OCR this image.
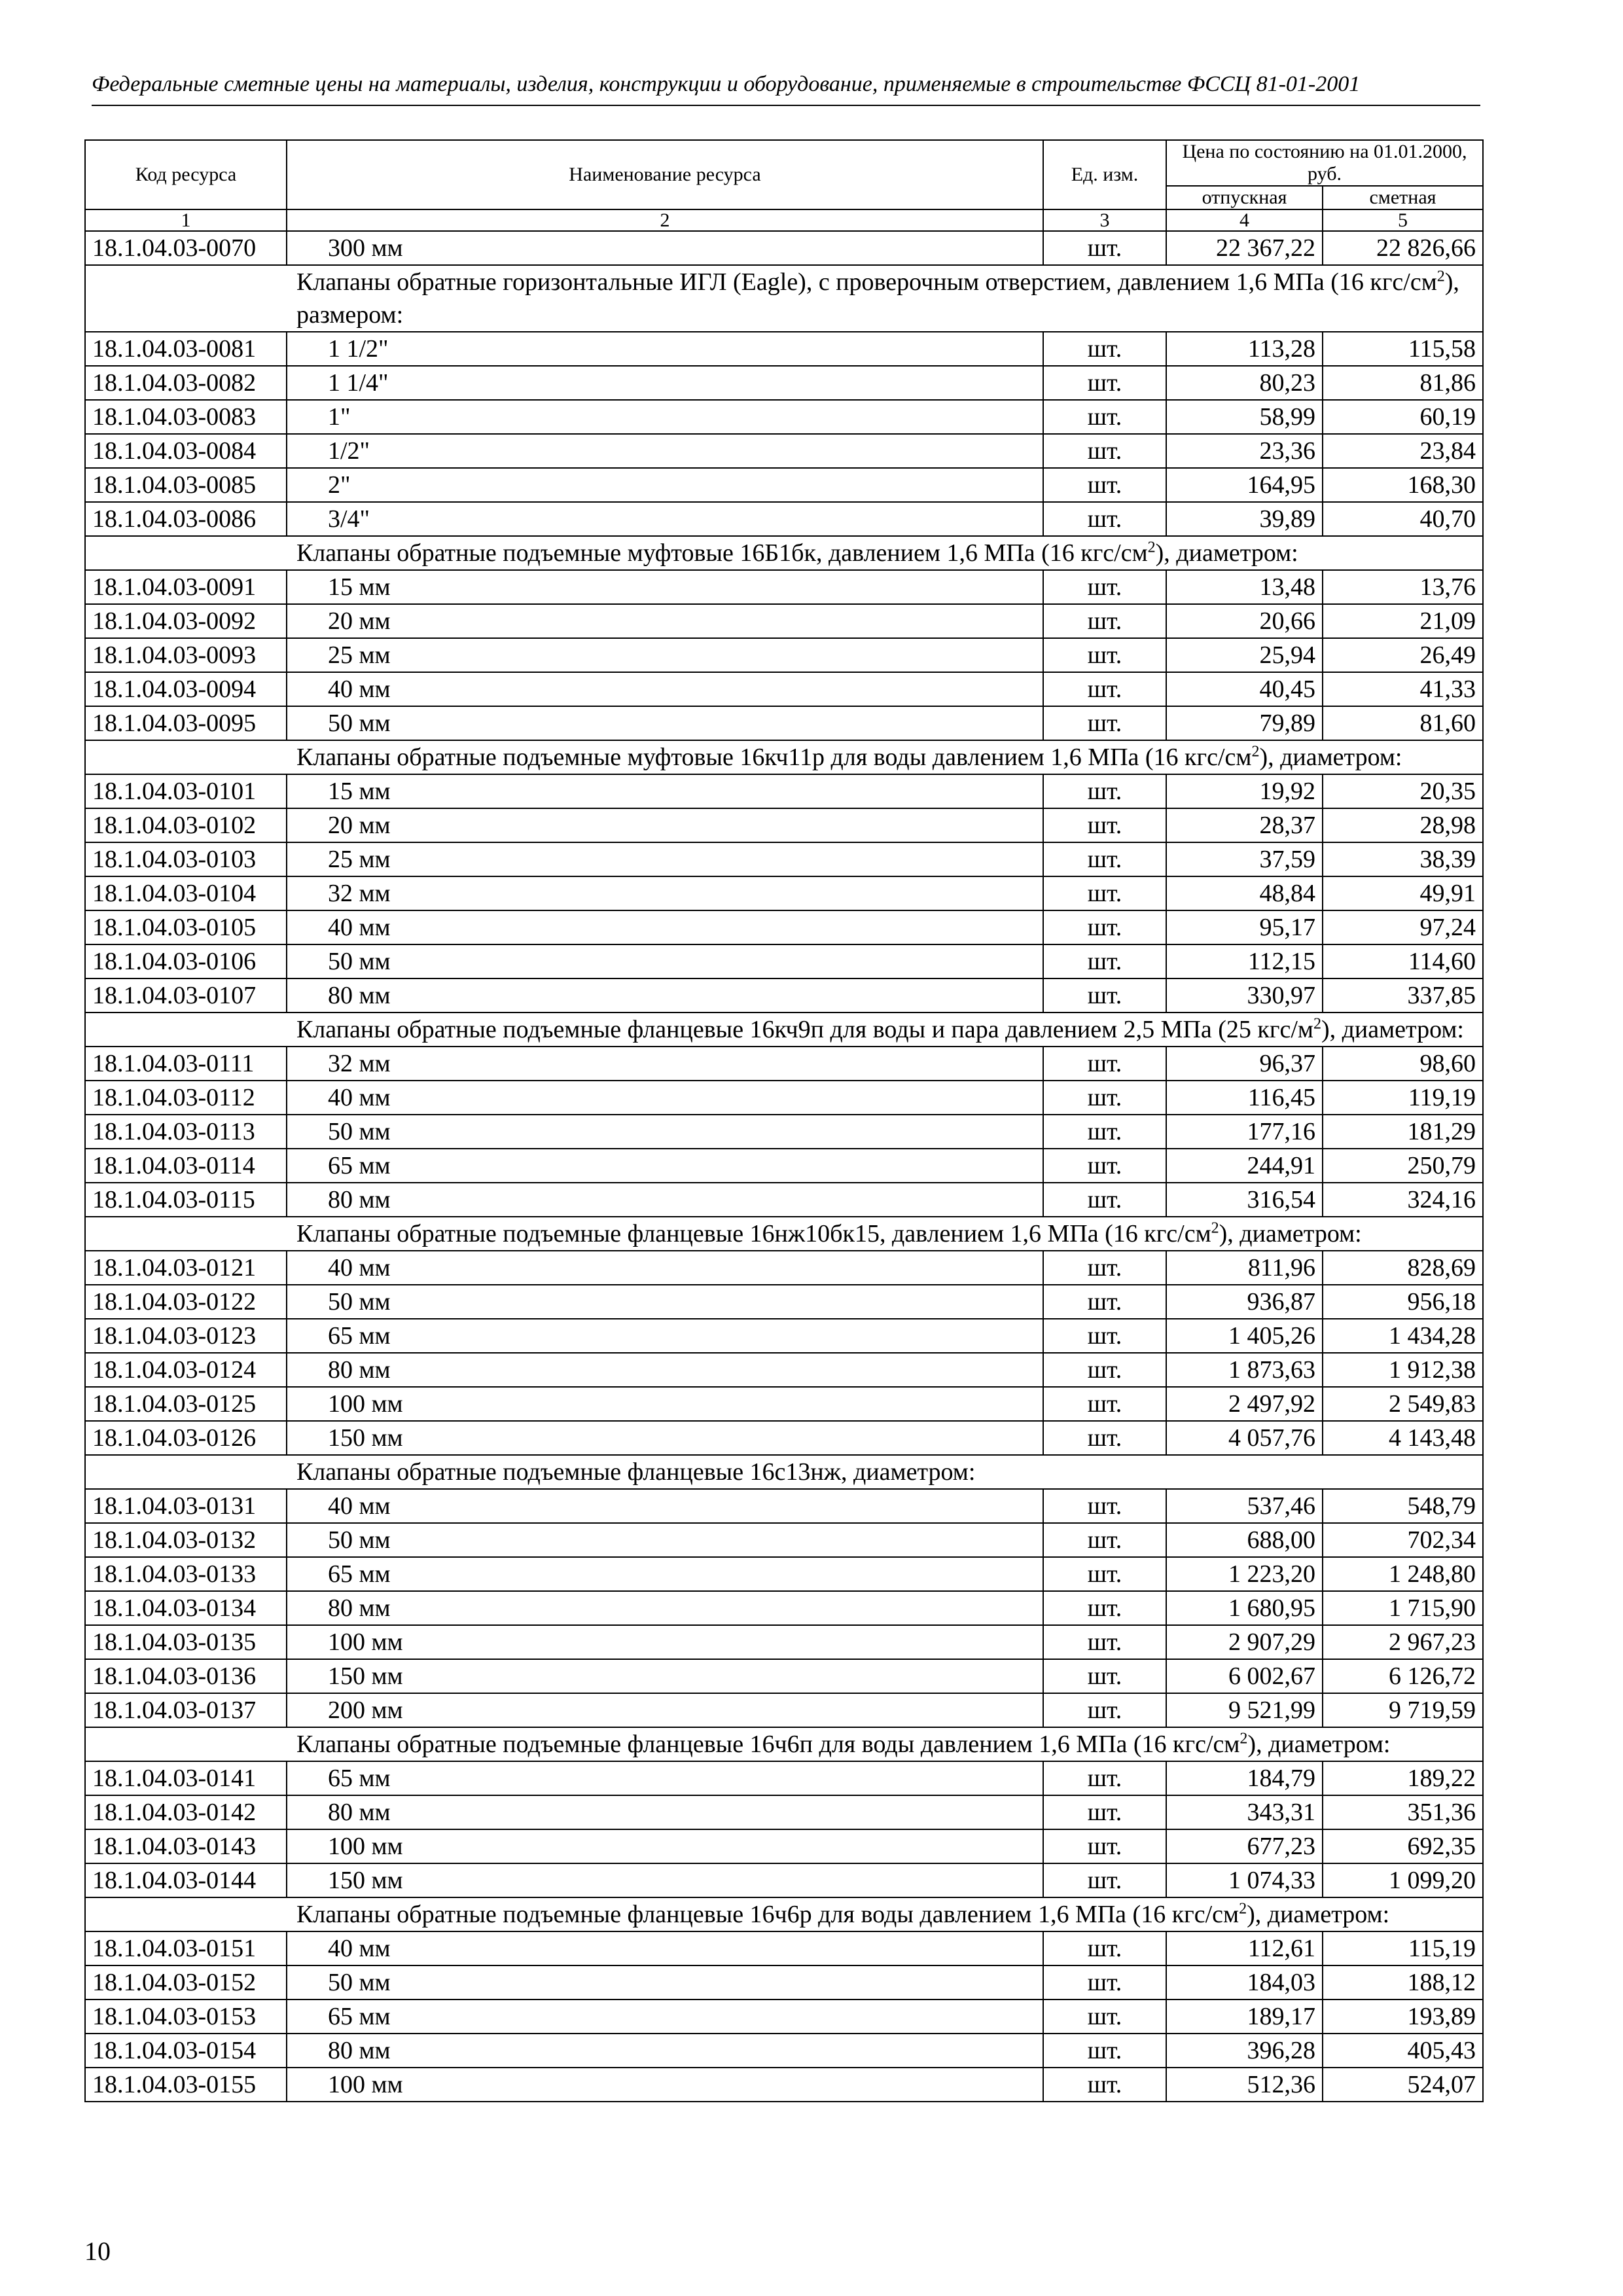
Федеральные сметные цены на материалы, изделия, конструкции и оборудование, применяемые в строительстве ФССЦ 81-01-2001
Код ресурса	Наименование ресурса	Ед. изм.	Цена по состоянию на 01.01.2000, руб.	
			отпускная	сметная
1	2	3	4	5
18.1.04.03-0070	300 мм	шт.	22 367,22	22 826,66
Клапаны обратные горизонтальные ИГЛ (Eagle), с проверочным отверстием, давлением 1,6 МПа (16 кгс/$см^2$), размером:				
18.1.04.03-0081	1 1/2"	шт.	113,28	115,58
18.1.04.03-0082	1 1/4"	шт.	80,23	81,86
18.1.04.03-0083	1"	шт.	58,99	60,19
18.1.04.03-0084	1/2"	шт.	23,36	23,84
18.1.04.03-0085	2"	шт.	164,95	168,30
18.1.04.03-0086	3/4"	шт.	39,89	40,70
Клапаны обратные подъемные муфтовые 16Б1бк, давлением 1,6 МПа (16 кгс/$см^2$), диаметром:				
18.1.04.03-0091	15 мм	шт.	13,48	13,76
18.1.04.03-0092	20 мм	шт.	20,66	21,09
18.1.04.03-0093	25 мм	шт.	25,94	26,49
18.1.04.03-0094	40 мм	шт.	40,45	41,33
18.1.04.03-0095	50 мм	шт.	79,89	81,60
Клапаны обратные подъемные муфтовые 16кч11р для воды давлением 1,6 МПа (16 кгс/$см^2$), диаметром:				
18.1.04.03-0101	15 мм	шт.	19,92	20,35
18.1.04.03-0102	20 мм	шт.	28,37	28,98
18.1.04.03-0103	25 мм	шт.	37,59	38,39
18.1.04.03-0104	32 мм	шт.	48,84	49,91
18.1.04.03-0105	40 мм	шт.	95,17	97,24
18.1.04.03-0106	50 мм	шт.	112,15	114,60
18.1.04.03-0107	80 мм	шт.	330,97	337,85
Клапаны обратные подъемные фланцевые 16кч9п для воды и пара давлением 2,5 МПа (25 кгс/$м^2$), диаметром:				
18.1.04.03-0111	32 мм	шт.	96,37	98,60
18.1.04.03-0112	40 мм	шт.	116,45	119,19
18.1.04.03-0113	50 мм	шт.	177,16	181,29
18.1.04.03-0114	65 мм	шт.	244,91	250,79
18.1.04.03-0115	80 мм	шт.	316,54	324,16
Клапаны обратные подъемные фланцевые 16нж10бк15, давлением 1,6 МПа (16 кгс/$см^2$), диаметром:				
18.1.04.03-0121	40 мм	шт.	811,96	828,69
18.1.04.03-0122	50 мм	шт.	936,87	956,18
18.1.04.03-0123	65 мм	шт.	1 405,26	1 434,28
18.1.04.03-0124	80 мм	шт.	1 873,63	1 912,38
18.1.04.03-0125	100 мм	шт.	2 497,92	2 549,83
18.1.04.03-0126	150 мм	шт.	4 057,76	4 143,48
Клапаны обратные подъемные фланцевые 16с13нж, диаметром:				
18.1.04.03-0131	40 мм	шт.	537,46	548,79
18.1.04.03-0132	50 мм	шт.	688,00	702,34
18.1.04.03-0133	65 мм	шт.	1 223,20	1 248,80
18.1.04.03-0134	80 мм	шт.	1 680,95	1 715,90
18.1.04.03-0135	100 мм	шт.	2 907,29	2 967,23
18.1.04.03-0136	150 мм	шт.	6 002,67	6 126,72
18.1.04.03-0137	200 мм	шт.	9 521,99	9 719,59
Клапаны обратные подъемные фланцевые 16ч6п для воды давлением 1,6 МПа (16 кгс/$см^2$), диаметром:				
18.1.04.03-0141	65 мм	шт.	184,79	189,22
18.1.04.03-0142	80 мм	шт.	343,31	351,36
18.1.04.03-0143	100 мм	шт.	677,23	692,35
18.1.04.03-0144	150 мм	шт.	1 074,33	1 099,20
Клапаны обратные подъемные фланцевые 16ч6р для воды давлением 1,6 МПа (16 кгс/$см^2$), диаметром:				
18.1.04.03-0151	40 мм	шт.	112,61	115,19
18.1.04.03-0152	50 мм	шт.	184,03	188,12
18.1.04.03-0153	65 мм	шт.	189,17	193,89
18.1.04.03-0154	80 мм	шт.	396,28	405,43
18.1.04.03-0155	100 мм	шт.	512,36	524,07
10
